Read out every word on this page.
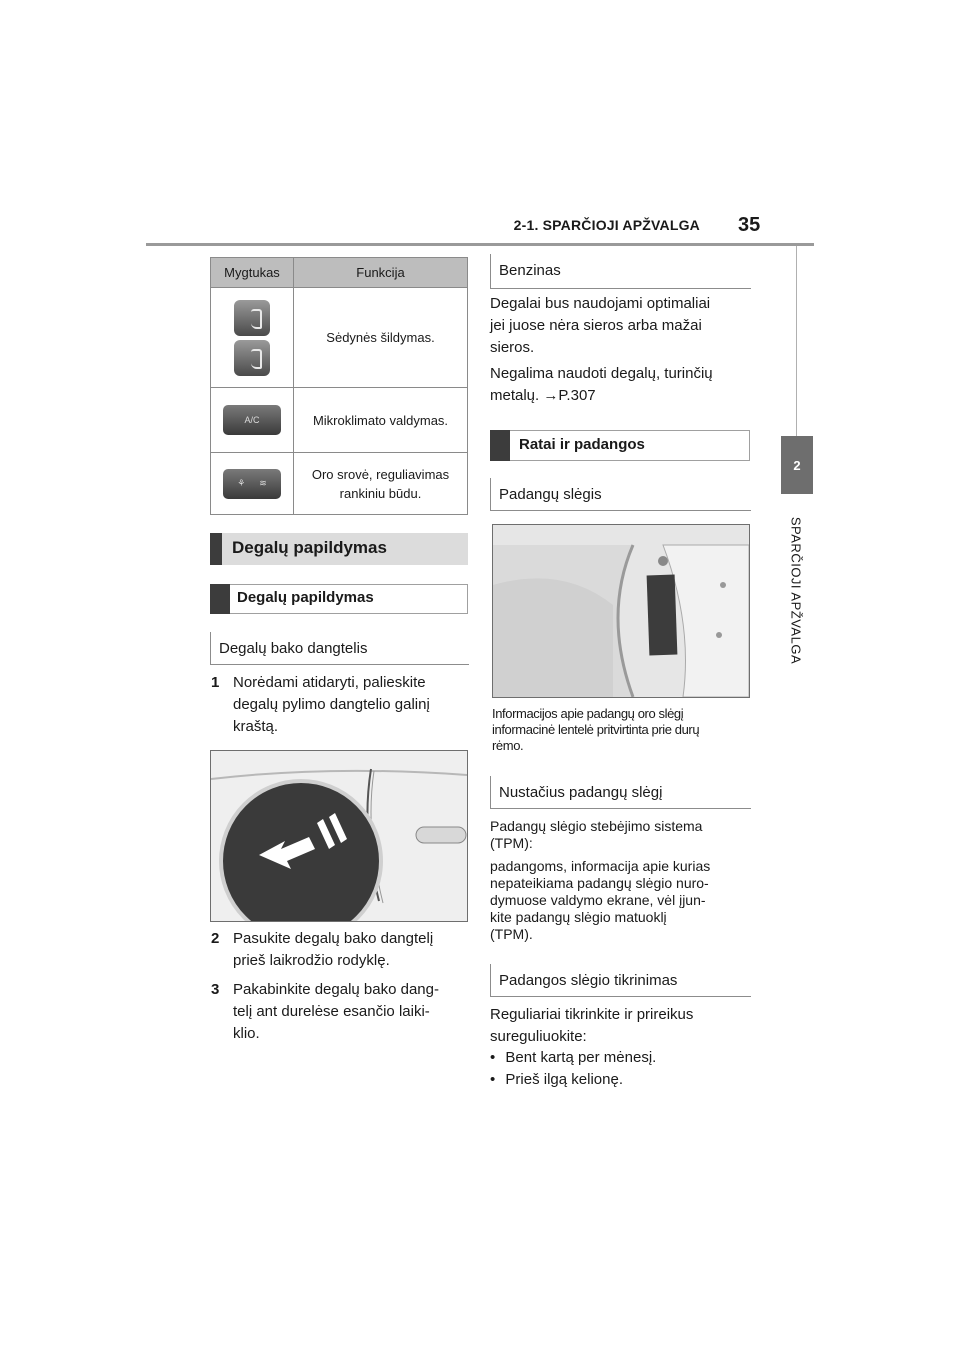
2-1. SPARČIOJI APŽVALGA 35
2
SPARČIOJI APŽVALGA
Mygtukas	Funkcija

	Sėdynės šildymas.

A/C	Mikroklimato valdymas.

⚘ ≋	Oro srovė, reguliavimas rankiniu būdu.
Degalų papildymas
Degalų papildymas
Degalų bako dangtelis
1 Norėdami atidaryti, palieskite
degalų pylimo dangtelio galinį
kraštą.
2 Pasukite degalų bako dangtelį
prieš laikrodžio rodyklę.
3 Pakabinkite degalų bako dang-
telį ant durelėse esančio laiki-
klio.
Benzinas
Degalai bus naudojami optimaliai
jei juose nėra sieros arba mažai
sieros.
Negalima naudoti degalų, turinčių
metalų. →P.307
Ratai ir padangos
Padangų slėgis
Informacijos apie padangų oro slėgį
informacinė lentelė pritvirtinta prie durų
rėmo.
Nustačius padangų slėgį
Padangų slėgio stebėjimo sistema
(TPM):
padangoms, informacija apie kurias
nepateikiama padangų slėgio nuro-
dymuose valdymo ekrane, vėl įjun-
kite padangų slėgio matuoklį
(TPM).
Padangos slėgio tikrinimas
Reguliariai tikrinkite ir prireikus
sureguliuokite:
• Bent kartą per mėnesį.
• Prieš ilgą kelionę.
